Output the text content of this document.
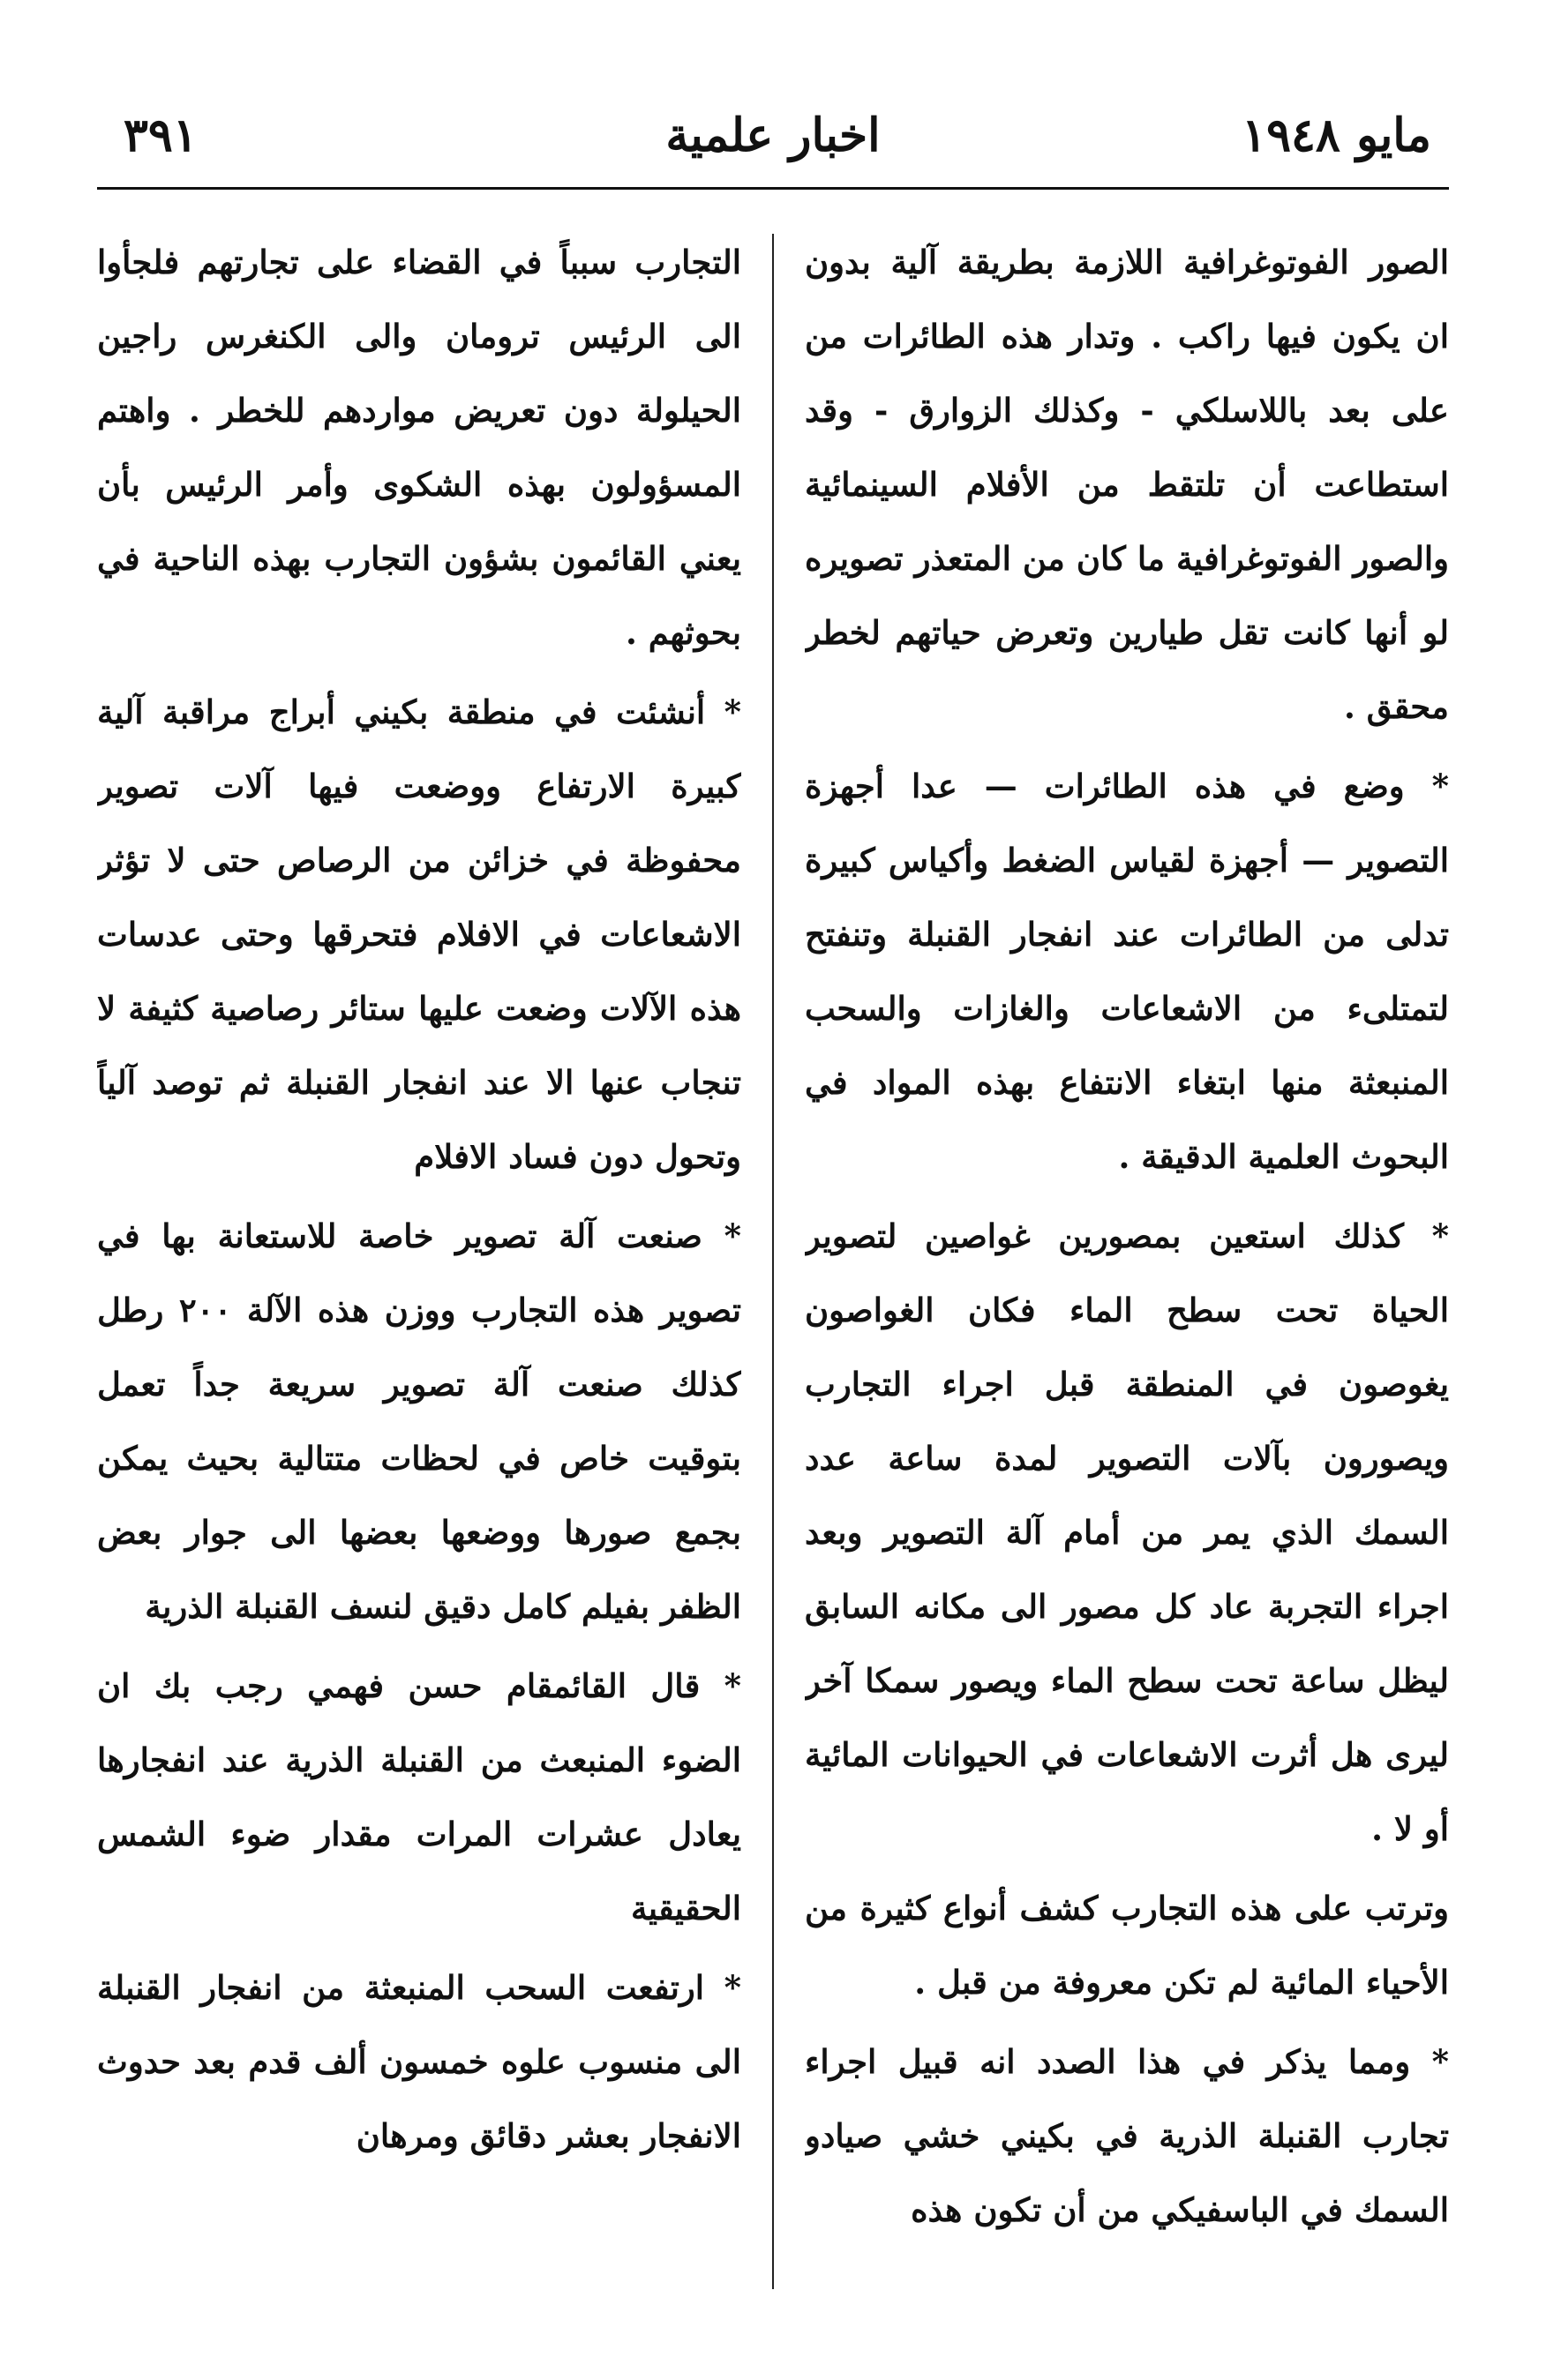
مايو ١٩٤٨
اخبار علمية
٣٩١

الصور الفوتوغرافية اللازمة بطريقة آلية بدون ان يكون فيها راكب . وتدار هذه الطائرات من على بعد باللاسلكي - وكذلك الزوارق - وقد استطاعت أن تلتقط من الأفلام السينمائية والصور الفوتوغرافية ما كان من المتعذر تصويره لو أنها كانت تقل طيارين وتعرض حياتهم لخطر محقق .

* وضع في هذه الطائرات — عدا أجهزة التصوير — أجهزة لقياس الضغط وأكياس كبيرة تدلى من الطائرات عند انفجار القنبلة وتنفتح لتمتلىء من الاشعاعات والغازات والسحب المنبعثة منها ابتغاء الانتفاع بهذه المواد في البحوث العلمية الدقيقة .

* كذلك استعين بمصورين غواصين لتصوير الحياة تحت سطح الماء فكان الغواصون يغوصون في المنطقة قبل اجراء التجارب ويصورون بآلات التصوير لمدة ساعة عدد السمك الذي يمر من أمام آلة التصوير وبعد اجراء التجربة عاد كل مصور الى مكانه السابق ليظل ساعة تحت سطح الماء ويصور سمكا آخر ليرى هل أثرت الاشعاعات في الحيوانات المائية أو لا .

وترتب على هذه التجارب كشف أنواع كثيرة من الأحياء المائية لم تكن معروفة من قبل .

* ومما يذكر في هذا الصدد انه قبيل اجراء تجارب القنبلة الذرية في بكيني خشي صيادو السمك في الباسفيكي من أن تكون هذه

التجارب سبباً في القضاء على تجارتهم فلجأوا الى الرئيس ترومان والى الكنغرس راجين الحيلولة دون تعريض مواردهم للخطر . واهتم المسؤولون بهذه الشكوى وأمر الرئيس بأن يعني القائمون بشؤون التجارب بهذه الناحية في بحوثهم .

* أنشئت في منطقة بكيني أبراج مراقبة آلية كبيرة الارتفاع ووضعت فيها آلات تصوير محفوظة في خزائن من الرصاص حتى لا تؤثر الاشعاعات في الافلام فتحرقها وحتى عدسات هذه الآلات وضعت عليها ستائر رصاصية كثيفة لا تنجاب عنها الا عند انفجار القنبلة ثم توصد آلياً وتحول دون فساد الافلام

* صنعت آلة تصوير خاصة للاستعانة بها في تصوير هذه التجارب ووزن هذه الآلة ٢٠٠ رطل كذلك صنعت آلة تصوير سريعة جداً تعمل بتوقيت خاص في لحظات متتالية بحيث يمكن بجمع صورها ووضعها بعضها الى جوار بعض الظفر بفيلم كامل دقيق لنسف القنبلة الذرية

* قال القائمقام حسن فهمي رجب بك ان الضوء المنبعث من القنبلة الذرية عند انفجارها يعادل عشرات المرات مقدار ضوء الشمس الحقيقية

* ارتفعت السحب المنبعثة من انفجار القنبلة الى منسوب علوه خمسون ألف قدم بعد حدوث الانفجار بعشر دقائق ومرهان
